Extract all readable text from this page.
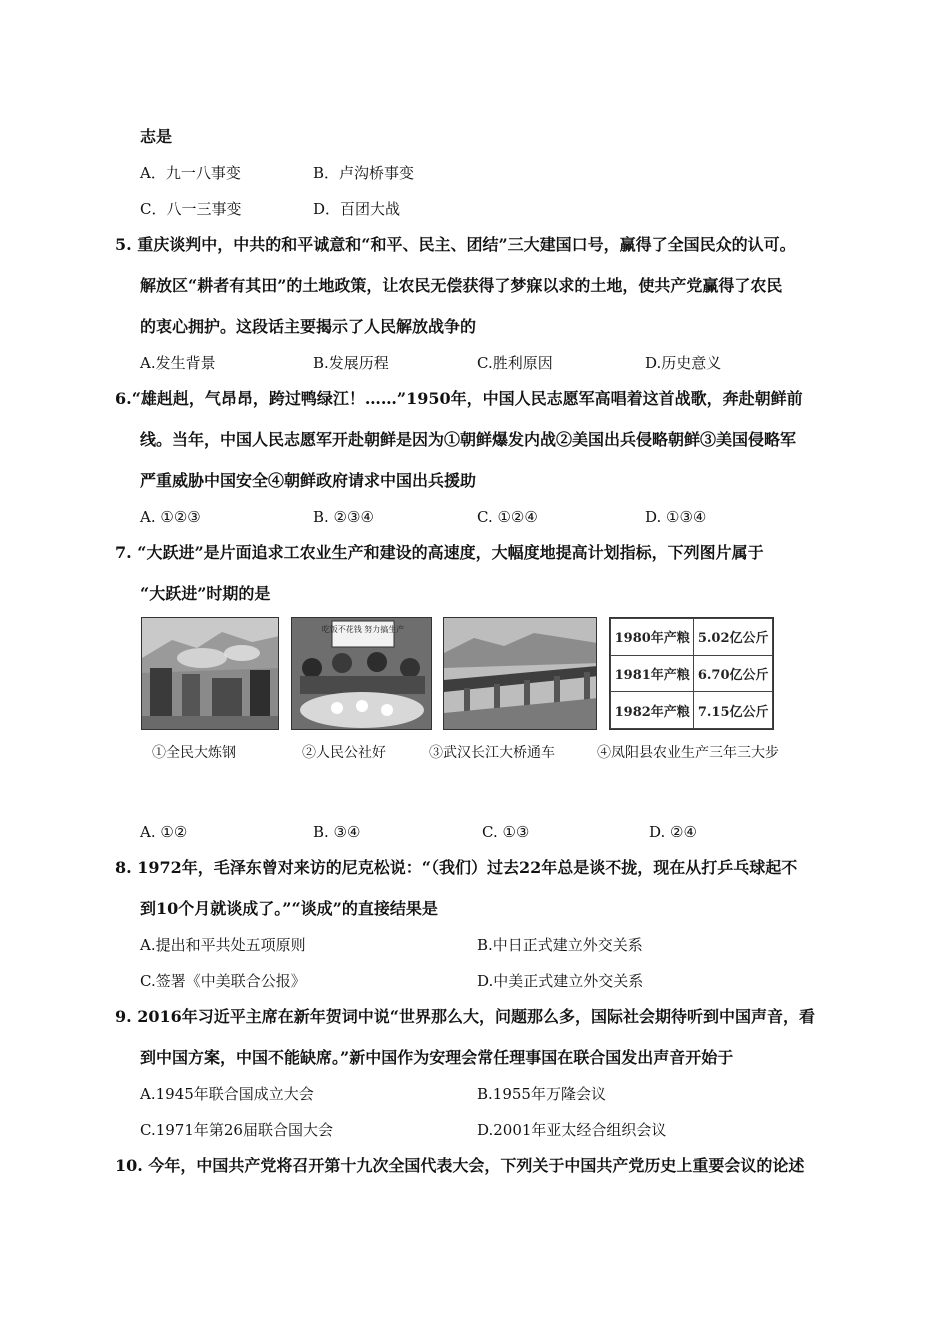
志是
A．九一八事变	B．卢沟桥事变
C．八一三事变	D．百团大战
5. 重庆谈判中，中共的和平诚意和“和平、民主、团结”三大建国口号，赢得了全国民众的认可。
解放区“耕者有其田”的土地政策，让农民无偿获得了梦寐以求的土地，使共产党赢得了农民
的衷心拥护。这段话主要揭示了人民解放战争的
A.发生背景	B.发展历程	C.胜利原因	D.历史意义
6.“雄赳赳，气昂昂，跨过鸭绿江！……”1950年，中国人民志愿军高唱着这首战歌，奔赴朝鲜前
线。当年，中国人民志愿军开赴朝鲜是因为①朝鲜爆发内战②美国出兵侵略朝鲜③美国侵略军
严重威胁中国安全④朝鲜政府请求中国出兵援助
A. ①②③	B. ②③④	C. ①②④	D. ①③④
7. “大跃进”是片面追求工农业生产和建设的高速度，大幅度地提高计划指标，下列图片属于
“大跃进”时期的是
吃饭不花钱 努力搞生产
1980年产粮	5.02亿公斤
1981年产粮	6.70亿公斤
1982年产粮	7.15亿公斤
①全民大炼钢	②人民公社好	③武汉长江大桥通车	④凤阳县农业生产三年三大步
A. ①②	B. ③④	C. ①③	D. ②④
8. 1972年，毛泽东曾对来访的尼克松说：“（我们）过去22年总是谈不拢，现在从打乒乓球起不
到10个月就谈成了。”“谈成”的直接结果是
A.提出和平共处五项原则	B.中日正式建立外交关系
C.签署《中美联合公报》	D.中美正式建立外交关系
9. 2016年习近平主席在新年贺词中说“世界那么大，问题那么多，国际社会期待听到中国声音，看
到中国方案，中国不能缺席。”新中国作为安理会常任理事国在联合国发出声音开始于
A.1945年联合国成立大会	B.1955年万隆会议
C.1971年第26届联合国大会	D.2001年亚太经合组织会议
10. 今年，中国共产党将召开第十九次全国代表大会，下列关于中国共产党历史上重要会议的论述
